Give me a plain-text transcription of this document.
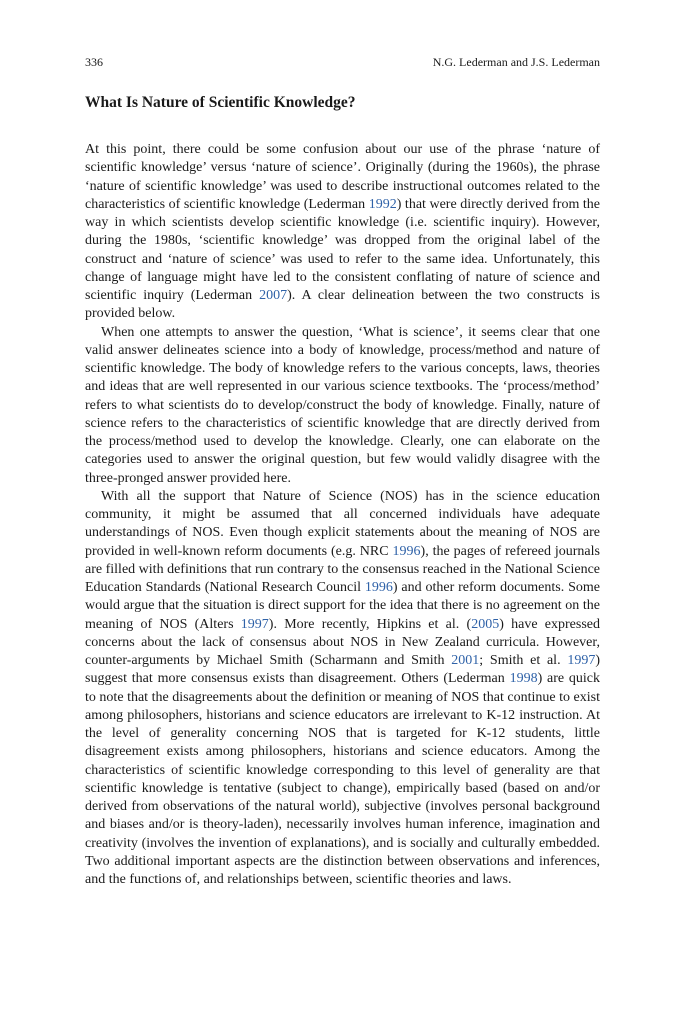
336	N.G. Lederman and J.S. Lederman
What Is Nature of Scientific Knowledge?

At this point, there could be some confusion about our use of the phrase ‘nature of scientific knowledge’ versus ‘nature of science’. Originally (during the 1960s), the phrase ‘nature of scientific knowledge’ was used to describe instructional outcomes related to the characteristics of scientific knowledge (Lederman 1992) that were directly derived from the way in which scientists develop scientific knowledge (i.e. scientific inquiry). However, during the 1980s, ‘scientific knowledge’ was dropped from the original label of the construct and ‘nature of science’ was used to refer to the same idea. Unfortunately, this change of language might have led to the consistent conflating of nature of science and scientific inquiry (Lederman 2007). A clear delineation between the two constructs is provided below.

When one attempts to answer the question, ‘What is science’, it seems clear that one valid answer delineates science into a body of knowledge, process/method and nature of scientific knowledge. The body of knowledge refers to the various concepts, laws, theories and ideas that are well represented in our various science textbooks. The ‘process/method’ refers to what scientists do to develop/construct the body of knowledge. Finally, nature of science refers to the characteristics of scientific knowledge that are directly derived from the process/method used to develop the knowledge. Clearly, one can elaborate on the categories used to answer the original question, but few would validly disagree with the three-pronged answer provided here.

With all the support that Nature of Science (NOS) has in the science education community, it might be assumed that all concerned individuals have adequate understandings of NOS. Even though explicit statements about the meaning of NOS are provided in well-known reform documents (e.g. NRC 1996), the pages of refereed journals are filled with definitions that run contrary to the consensus reached in the National Science Education Standards (National Research Council 1996) and other reform documents. Some would argue that the situation is direct support for the idea that there is no agreement on the meaning of NOS (Alters 1997). More recently, Hipkins et al. (2005) have expressed concerns about the lack of consensus about NOS in New Zealand curricula. However, counter-arguments by Michael Smith (Scharmann and Smith 2001; Smith et al. 1997) suggest that more consensus exists than disagreement. Others (Lederman 1998) are quick to note that the disagreements about the definition or meaning of NOS that continue to exist among philosophers, historians and science educators are irrelevant to K-12 instruction. At the level of generality concerning NOS that is targeted for K-12 students, little disagreement exists among philosophers, historians and science educators. Among the characteristics of scientific knowledge corresponding to this level of generality are that scientific knowledge is tentative (subject to change), empirically based (based on and/or derived from observations of the natural world), subjective (involves personal background and biases and/or is theory-laden), necessarily involves human inference, imagination and creativity (involves the invention of explanations), and is socially and culturally embedded. Two additional important aspects are the distinction between observations and inferences, and the functions of, and relationships between, scientific theories and laws.
